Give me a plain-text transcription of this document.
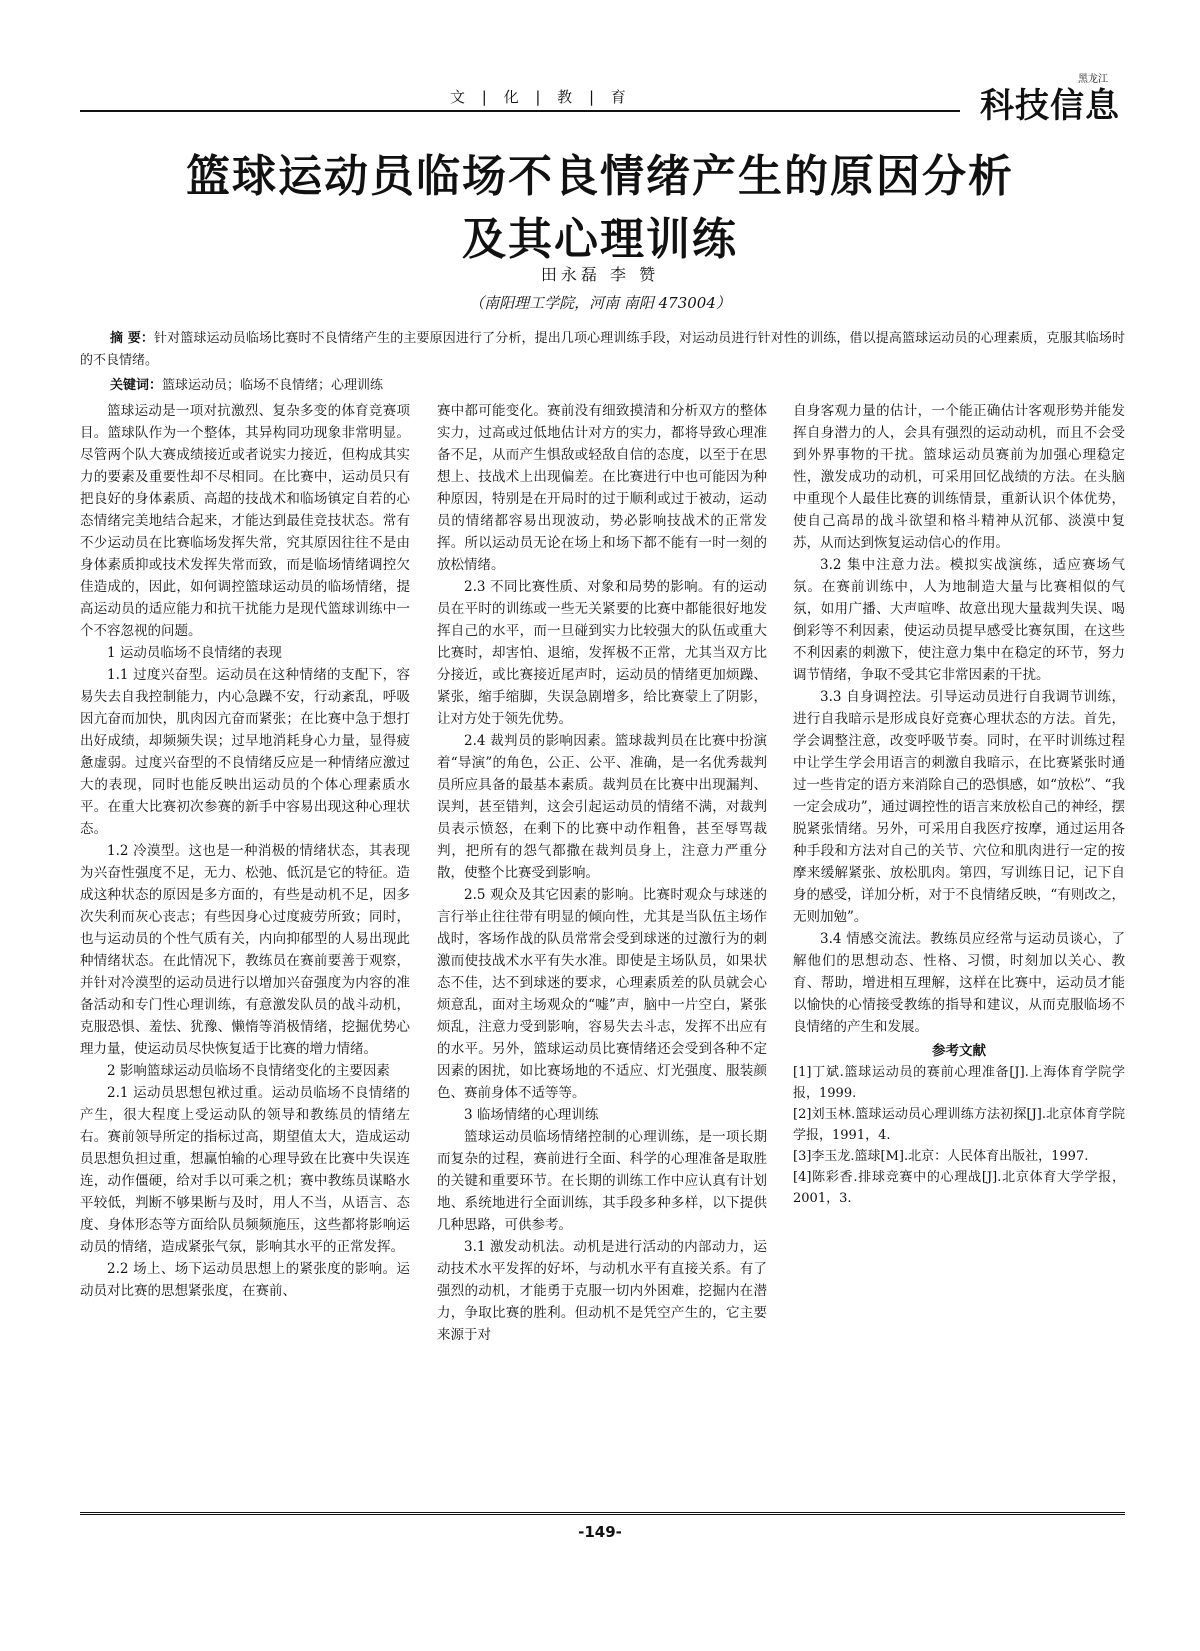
文 | 化 | 教 | 育
黑龙江
科技信息
篮球运动员临场不良情绪产生的原因分析
及其心理训练
田永磊 李 赞
（南阳理工学院，河南 南阳 473004）
摘 要：针对篮球运动员临场比赛时不良情绪产生的主要原因进行了分析，提出几项心理训练手段，对运动员进行针对性的训练，借以提高篮球运动员的心理素质，克服其临场时的不良情绪。
关键词：篮球运动员；临场不良情绪；心理训练

篮球运动是一项对抗激烈、复杂多变的体育竞赛项目。篮球队作为一个整体，其异构同功现象非常明显。尽管两个队大赛成绩接近或者说实力接近，但构成其实力的要素及重要性却不尽相同。在比赛中，运动员只有把良好的身体素质、高超的技战术和临场镇定自若的心态情绪完美地结合起来，才能达到最佳竞技状态。常有不少运动员在比赛临场发挥失常，究其原因往往不是由身体素质抑或技术发挥失常而致，而是临场情绪调控欠佳造成的，因此，如何调控篮球运动员的临场情绪，提高运动员的适应能力和抗干扰能力是现代篮球训练中一个不容忽视的问题。

1 运动员临场不良情绪的表现

1.1 过度兴奋型。运动员在这种情绪的支配下，容易失去自我控制能力，内心急躁不安，行动紊乱，呼吸因亢奋而加快，肌肉因亢奋而紧张；在比赛中急于想打出好成绩，却频频失误；过早地消耗身心力量，显得疲惫虚弱。过度兴奋型的不良情绪反应是一种情绪应激过大的表现，同时也能反映出运动员的个体心理素质水平。在重大比赛初次参赛的新手中容易出现这种心理状态。

1.2 冷漠型。这也是一种消极的情绪状态，其表现为兴奋性强度不足，无力、松弛、低沉是它的特征。造成这种状态的原因是多方面的，有些是动机不足，因多次失利而灰心丧志；有些因身心过度疲劳所致；同时，也与运动员的个性气质有关，内向抑郁型的人易出现此种情绪状态。在此情况下，教练员在赛前要善于观察，并针对冷漠型的运动员进行以增加兴奋强度为内容的准备活动和专门性心理训练，有意激发队员的战斗动机，克服恐惧、羞怯、犹豫、懒惰等消极情绪，挖掘优势心理力量，使运动员尽快恢复适于比赛的增力情绪。

2 影响篮球运动员临场不良情绪变化的主要因素

2.1 运动员思想包袱过重。运动员临场不良情绪的产生，很大程度上受运动队的领导和教练员的情绪左右。赛前领导所定的指标过高，期望值太大，造成运动员思想负担过重，想赢怕输的心理导致在比赛中失误连连，动作僵硬，给对手以可乘之机；赛中教练员谋略水平较低，判断不够果断与及时，用人不当，从语言、态度、身体形态等方面给队员频频施压，这些都将影响运动员的情绪，造成紧张气氛，影响其水平的正常发挥。

2.2 场上、场下运动员思想上的紧张度的影响。运动员对比赛的思想紧张度，在赛前、

赛中都可能变化。赛前没有细致摸清和分析双方的整体实力，过高或过低地估计对方的实力，都将导致心理准备不足，从而产生惧敌或轻敌自信的态度，以至于在思想上、技战术上出现偏差。在比赛进行中也可能因为种种原因，特别是在开局时的过于顺利或过于被动，运动员的情绪都容易出现波动，势必影响技战术的正常发挥。所以运动员无论在场上和场下都不能有一时一刻的放松情绪。

2.3 不同比赛性质、对象和局势的影响。有的运动员在平时的训练或一些无关紧要的比赛中都能很好地发挥自己的水平，而一旦碰到实力比较强大的队伍或重大比赛时，却害怕、退缩，发挥极不正常，尤其当双方比分接近，或比赛接近尾声时，运动员的情绪更加烦躁、紧张，缩手缩脚，失误急剧增多，给比赛蒙上了阴影，让对方处于领先优势。

2.4 裁判员的影响因素。篮球裁判员在比赛中扮演着“导演”的角色，公正、公平、准确，是一名优秀裁判员所应具备的最基本素质。裁判员在比赛中出现漏判、误判，甚至错判，这会引起运动员的情绪不满，对裁判员表示愤怒，在剩下的比赛中动作粗鲁，甚至辱骂裁判，把所有的怨气都撒在裁判员身上，注意力严重分散，使整个比赛受到影响。

2.5 观众及其它因素的影响。比赛时观众与球迷的言行举止往往带有明显的倾向性，尤其是当队伍主场作战时，客场作战的队员常常会受到球迷的过激行为的刺激而使技战术水平有失水准。即使是主场队员，如果状态不佳，达不到球迷的要求，心理素质差的队员就会心烦意乱，面对主场观众的“嘘”声，脑中一片空白，紧张烦乱，注意力受到影响，容易失去斗志，发挥不出应有的水平。另外，篮球运动员比赛情绪还会受到各种不定因素的困扰，如比赛场地的不适应、灯光强度、服装颜色、赛前身体不适等等。

3 临场情绪的心理训练

篮球运动员临场情绪控制的心理训练，是一项长期而复杂的过程，赛前进行全面、科学的心理准备是取胜的关键和重要环节。在长期的训练工作中应认真有计划地、系统地进行全面训练，其手段多种多样，以下提供几种思路，可供参考。

3.1 激发动机法。动机是进行活动的内部动力，运动技术水平发挥的好坏，与动机水平有直接关系。有了强烈的动机，才能勇于克服一切内外困难，挖掘内在潜力，争取比赛的胜利。但动机不是凭空产生的，它主要来源于对

自身客观力量的估计，一个能正确估计客观形势并能发挥自身潜力的人，会具有强烈的运动动机，而且不会受到外界事物的干扰。篮球运动员赛前为加强心理稳定性，激发成功的动机，可采用回忆战绩的方法。在头脑中重现个人最佳比赛的训练情景，重新认识个体优势，使自己高昂的战斗欲望和格斗精神从沉郁、淡漠中复苏，从而达到恢复运动信心的作用。

3.2 集中注意力法。模拟实战演练，适应赛场气氛。在赛前训练中，人为地制造大量与比赛相似的气氛，如用广播、大声喧哗、故意出现大量裁判失误、喝倒彩等不利因素，使运动员提早感受比赛氛围，在这些不利因素的刺激下，使注意力集中在稳定的环节，努力调节情绪，争取不受其它非常因素的干扰。

3.3 自身调控法。引导运动员进行自我调节训练，进行自我暗示是形成良好竞赛心理状态的方法。首先，学会调整注意，改变呼吸节奏。同时，在平时训练过程中让学生学会用语言的刺激自我暗示，在比赛紧张时通过一些肯定的语方来消除自己的恐惧感，如“放松”、“我一定会成功”，通过调控性的语言来放松自己的神经，摆脱紧张情绪。另外，可采用自我医疗按摩，通过运用各种手段和方法对自己的关节、穴位和肌肉进行一定的按摩来缓解紧张、放松肌肉。第四，写训练日记，记下自身的感受，详加分析，对于不良情绪反映，“有则改之，无则加勉”。

3.4 情感交流法。教练员应经常与运动员谈心，了解他们的思想动态、性格、习惯，时刻加以关心、教育、帮助，增进相互理解，这样在比赛中，运动员才能以愉快的心情接受教练的指导和建议，从而克服临场不良情绪的产生和发展。

参考文献
[1]丁斌.篮球运动员的赛前心理准备[J].上海体育学院学报，1999.
[2]刘玉林.篮球运动员心理训练方法初探[J].北京体育学院学报，1991，4.
[3]李玉龙.篮球[M].北京：人民体育出版社，1997.
[4]陈彩香.排球竞赛中的心理战[J].北京体育大学学报，2001，3.
-149-
